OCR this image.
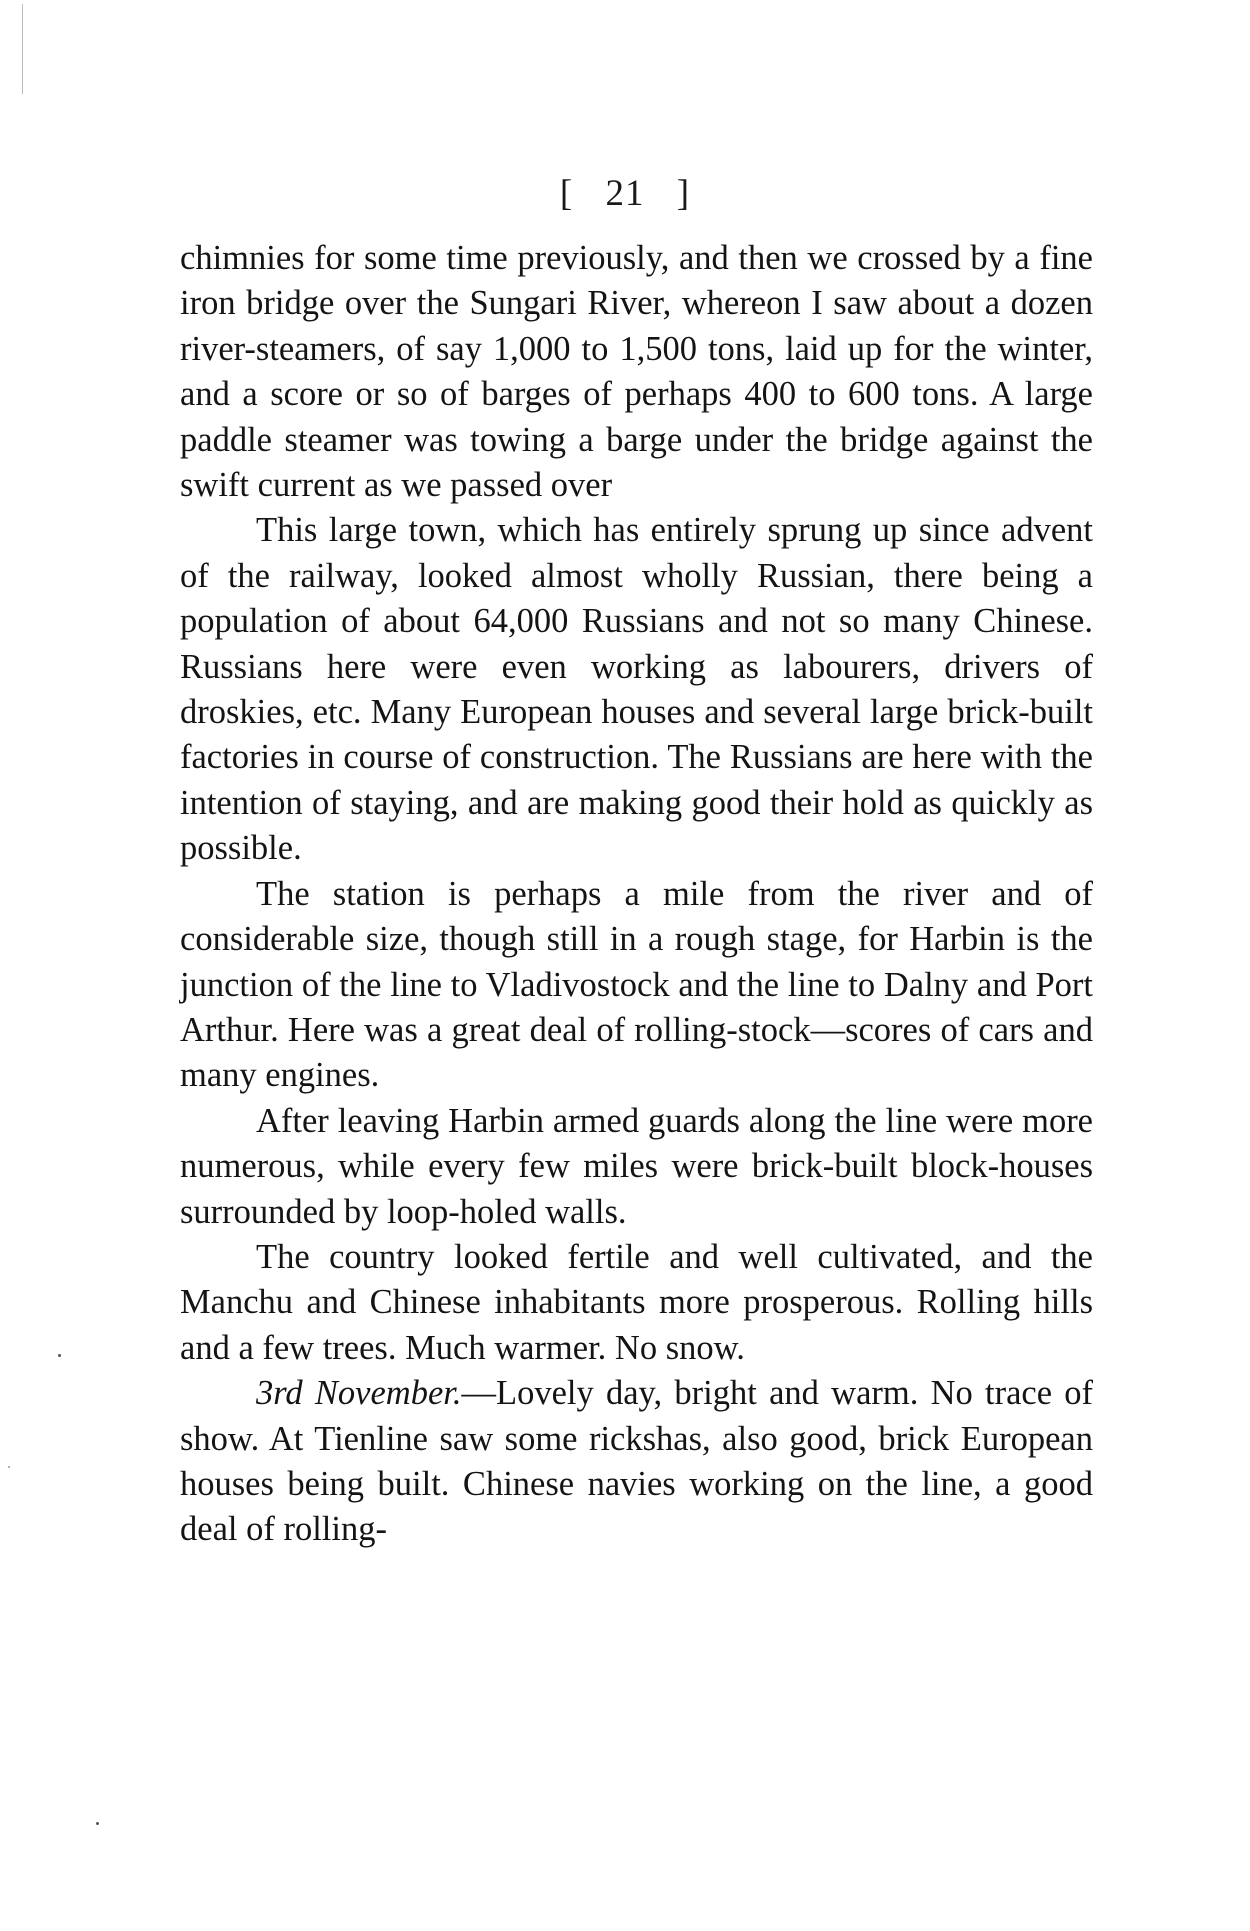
[ 21 ]

chimnies for some time previously, and then we crossed by a fine iron bridge over the Sungari River, whereon I saw about a dozen river-steamers, of say 1,000 to 1,500 tons, laid up for the winter, and a score or so of barges of perhaps 400 to 600 tons. A large paddle steamer was towing a barge under the bridge against the swift current as we passed over

This large town, which has entirely sprung up since advent of the railway, looked almost wholly Russian, there being a population of about 64,000 Russians and not so many Chinese. Russians here were even working as labourers, drivers of droskies, etc. Many European houses and several large brick-built factories in course of construction. The Russians are here with the intention of staying, and are making good their hold as quickly as possible.

The station is perhaps a mile from the river and of considerable size, though still in a rough stage, for Harbin is the junction of the line to Vladivostock and the line to Dalny and Port Arthur. Here was a great deal of rolling-stock—scores of cars and many engines.

After leaving Harbin armed guards along the line were more numerous, while every few miles were brick-built block-houses surrounded by loop-holed walls.

The country looked fertile and well cultivated, and the Manchu and Chinese inhabitants more prosperous. Rolling hills and a few trees. Much warmer. No snow.

3rd November.—Lovely day, bright and warm. No trace of show. At Tienline saw some rickshas, also good, brick European houses being built. Chinese navies working on the line, a good deal of rolling-
